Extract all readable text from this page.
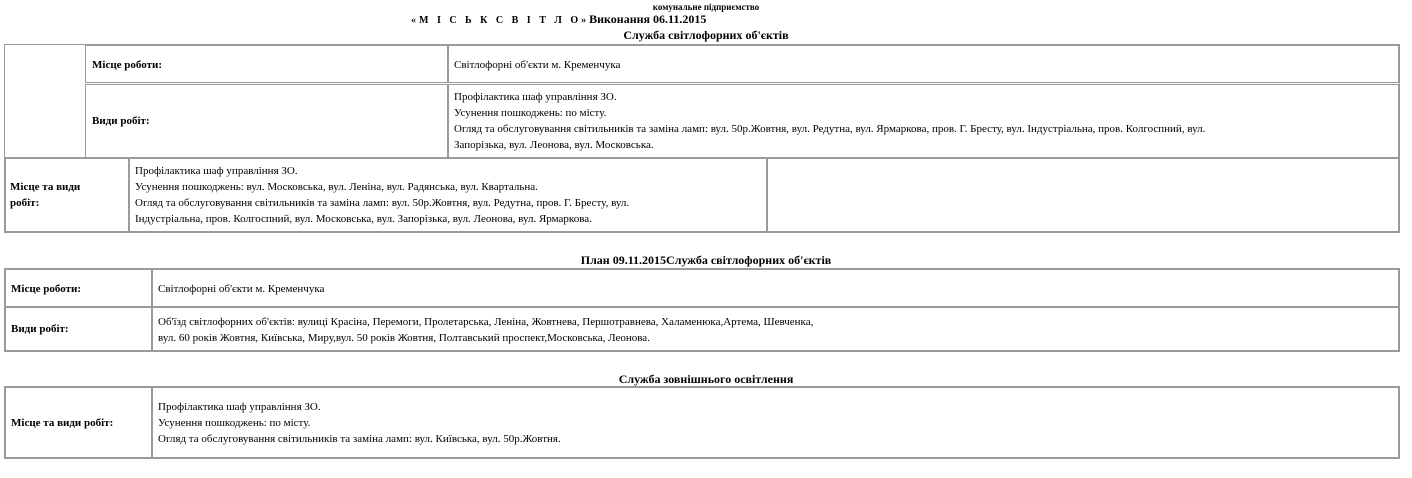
комунальне підприємство
«М І С Ь К С В І Т Л О»Виконання 06.11.2015
Служба світлофорних об'єктів
Місце роботи:	Світлофорні об'єкти м. Кременчука
Види робіт:
Профілактика шаф управління ЗО.
Усунення пошкоджень: по місту.
Огляд та обслуговування світильників та заміна ламп: вул. 50р.Жовтня, вул. Редутна, вул. Ярмаркова, пров. Г. Бресту, вул. Індустріальна, пров. Колгоспний, вул.
Запорізька, вул. Леонова, вул. Московська.
Місце та види
робіт:
Профілактика шаф управління ЗО.
Усунення пошкоджень: вул. Московська, вул. Леніна, вул. Радянська, вул. Квартальна.
Огляд та обслуговування світильників та заміна ламп: вул. 50р.Жовтня, вул. Редутна, пров. Г. Бресту, вул.
Індустріальна, пров. Колгоспний, вул. Московська, вул. Запорізька, вул. Леонова, вул. Ярмаркова.
План 09.11.2015Служба світлофорних об'єктів
Місце роботи:	Світлофорні об'єкти м. Кременчука
Види робіт:
Об'їзд світлофорних об'єктів: вулиці Красіна, Перемоги, Пролетарська, Леніна, Жовтнева, Першотравнева, Халаменюка,Артема, Шевченка,
вул. 60 років Жовтня, Київська, Миру,вул. 50 років Жовтня, Полтавський проспект,Московська, Леонова.
Служба зовнішнього освітлення
Місце та види робіт:
Профілактика шаф управління ЗО.
Усунення пошкоджень: по місту.
Огляд та обслуговування світильників та заміна ламп: вул. Київська, вул. 50р.Жовтня.
